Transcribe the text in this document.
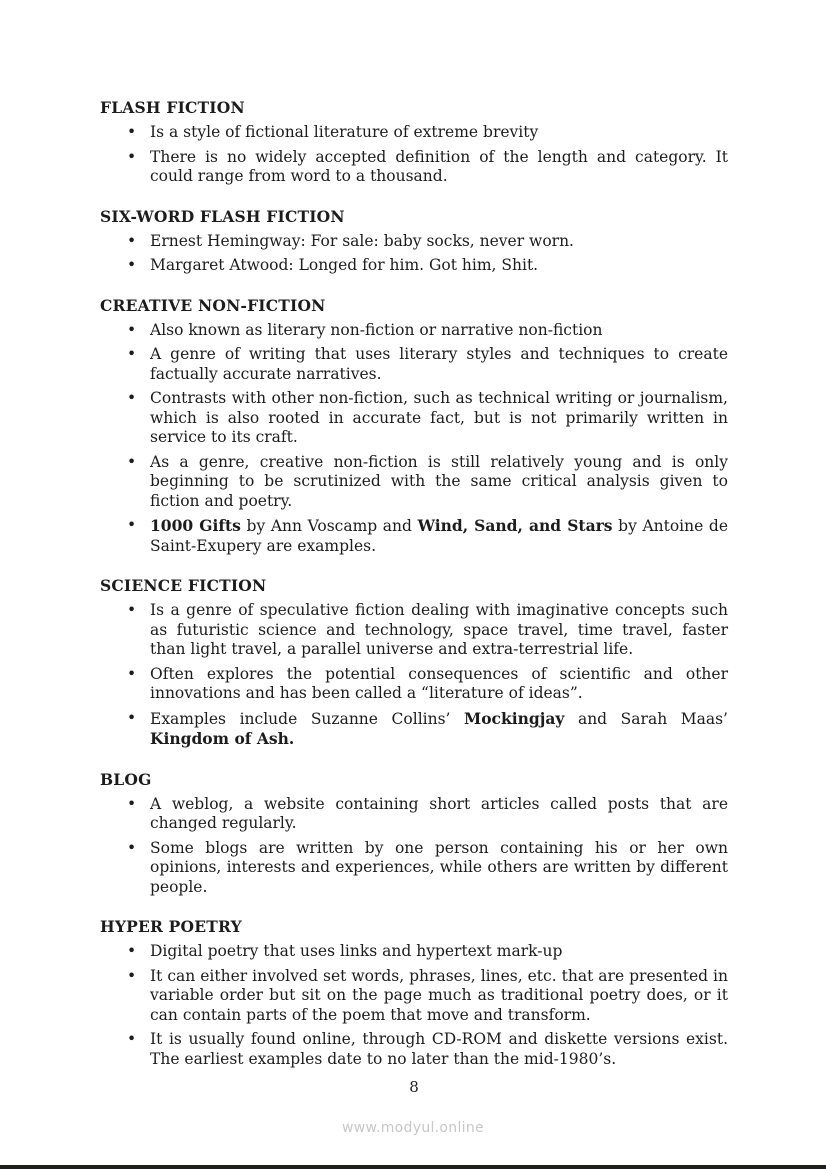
FLASH FICTION
• Is a style of fictional literature of extreme brevity
• There is no widely accepted definition of the length and category. It could range from word to a thousand.
SIX-WORD FLASH FICTION
• Ernest Hemingway: For sale: baby socks, never worn.
• Margaret Atwood: Longed for him. Got him, Shit.
CREATIVE NON-FICTION
• Also known as literary non-fiction or narrative non-fiction
• A genre of writing that uses literary styles and techniques to create factually accurate narratives.
• Contrasts with other non-fiction, such as technical writing or journalism, which is also rooted in accurate fact, but is not primarily written in service to its craft.
• As a genre, creative non-fiction is still relatively young and is only beginning to be scrutinized with the same critical analysis given to fiction and poetry.
• 1000 Gifts by Ann Voscamp and Wind, Sand, and Stars by Antoine de Saint-Exupery are examples.
SCIENCE FICTION
• Is a genre of speculative fiction dealing with imaginative concepts such as futuristic science and technology, space travel, time travel, faster than light travel, a parallel universe and extra-terrestrial life.
• Often explores the potential consequences of scientific and other innovations and has been called a “literature of ideas”.
• Examples include Suzanne Collins’ Mockingjay and Sarah Maas’ Kingdom of Ash.
BLOG
• A weblog, a website containing short articles called posts that are changed regularly.
• Some blogs are written by one person containing his or her own opinions, interests and experiences, while others are written by different people.
HYPER POETRY
• Digital poetry that uses links and hypertext mark-up
• It can either involved set words, phrases, lines, etc. that are presented in variable order but sit on the page much as traditional poetry does, or it can contain parts of the poem that move and transform.
• It is usually found online, through CD-ROM and diskette versions exist. The earliest examples date to no later than the mid-1980’s.
8
www.modyul.online
